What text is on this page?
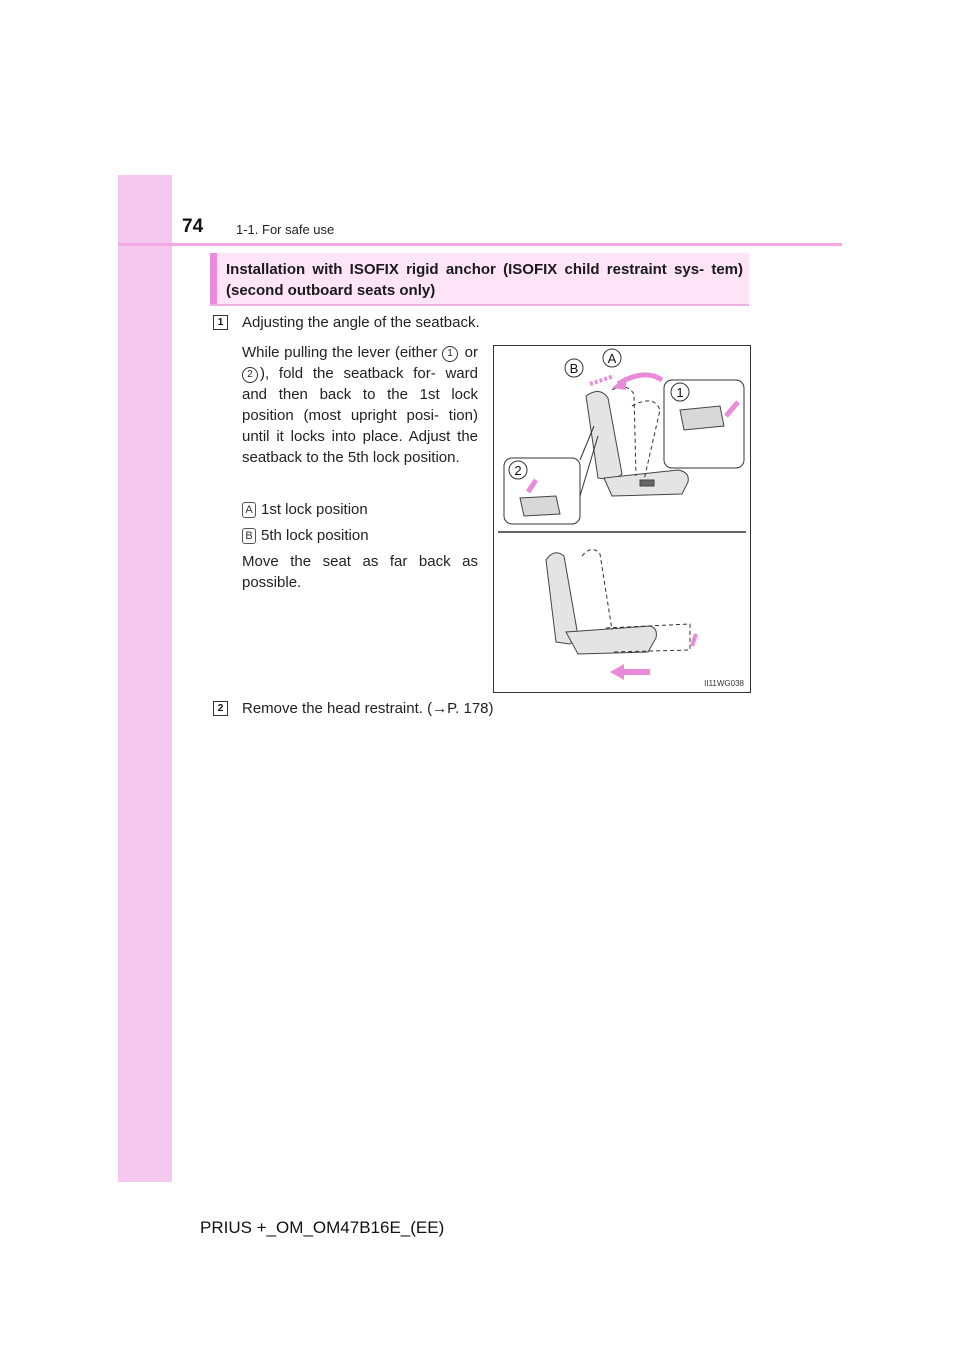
74	1-1. For safe use
Installation with ISOFIX rigid anchor (ISOFIX child restraint sys- tem) (second outboard seats only)
1	Adjusting the angle of the seatback.
While pulling the lever (either 1 or 2 ), fold the seatback for- ward and then back to the 1st lock position (most upright posi- tion) until it locks into place. Adjust the seatback to the 5th lock position.
A 1st lock position
B 5th lock position
Move the seat as far back as possible.
B
A
1
2
II11WG038
2	Remove the head restraint. (→P. 178)
PRIUS +_OM_OM47B16E_(EE)
